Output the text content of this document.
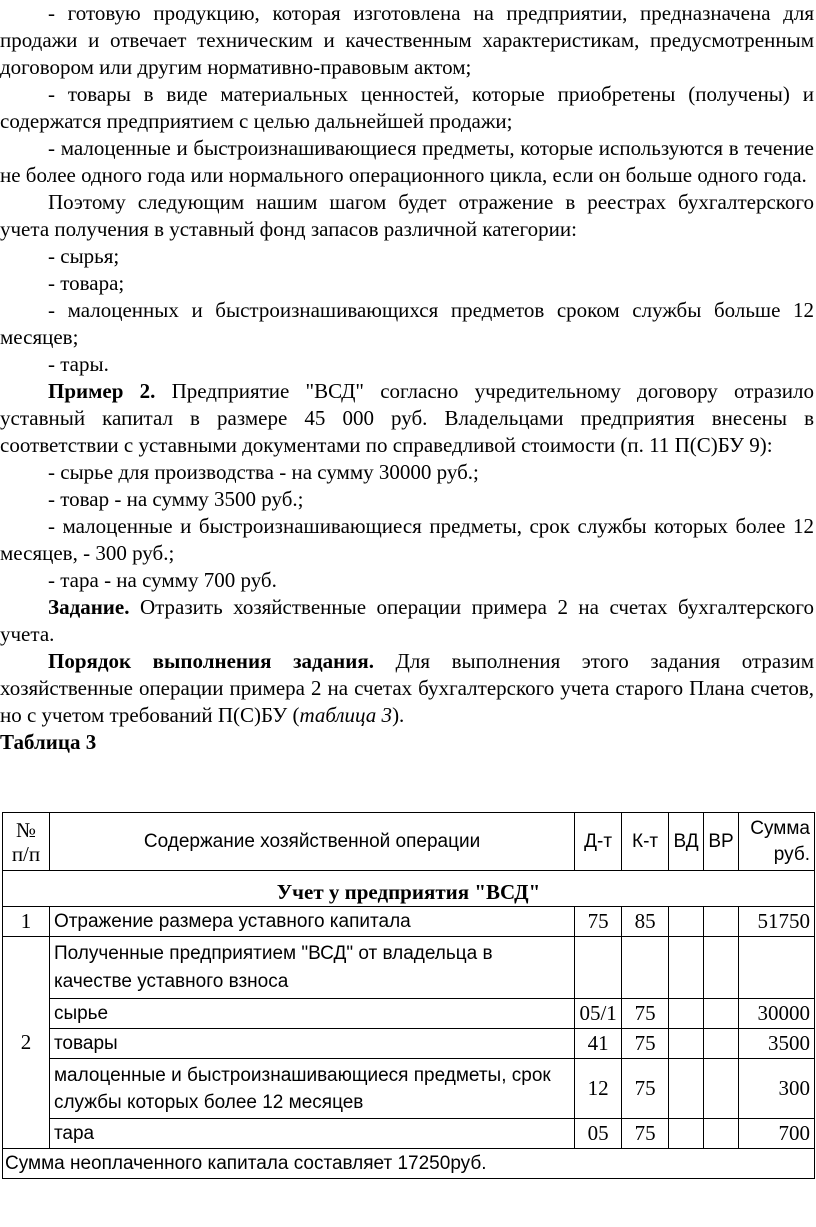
- готовую продукцию, которая изготовлена на предприятии, предназначена для продажи и отвечает техническим и качественным характеристикам, предусмотренным договором или другим нормативно-правовым актом;

- товары в виде материальных ценностей, которые приобретены (получены) и содержатся предприятием с целью дальнейшей продажи;

- малоценные и быстроизнашивающиеся предметы, которые используются в течение не более одного года или нормального операционного цикла, если он больше одного года.

Поэтому следующим нашим шагом будет отражение в реестрах бухгалтерского учета получения в уставный фонд запасов различной категории:

- сырья;

- товара;

- малоценных и быстроизнашивающихся предметов сроком службы больше 12 месяцев;

- тары.

Пример 2. Предприятие "ВСД" согласно учредительному договору отразило уставный капитал в размере 45 000 руб. Владельцами предприятия внесены в соответствии с уставными документами по справедливой стоимости (п. 11 П(С)БУ 9):

- сырье для производства - на сумму 30000 руб.;

- товар - на сумму 3500 руб.;

- малоценные и быстроизнашивающиеся предметы, срок службы которых более 12 месяцев, - 300 руб.;

- тара - на сумму 700 руб.

Задание. Отразить хозяйственные операции примера 2 на счетах бухгалтерского учета.

Порядок выполнения задания. Для выполнения этого задания отразим хозяйственные операции примера 2 на счетах бухгалтерского учета старого Плана счетов, но с учетом требований П(С)БУ (таблица 3).

Таблица 3

№ п/п	Содержание хозяйственной операции	Д-т	К-т	ВД	ВР	Сумма руб.

Учет у предприятия "ВСД"						
1	Отражение размера уставного капитала	75	85			51750
2	Полученные предприятием "ВСД" от владельца в качестве уставного взноса					
	сырье	05/1	75			30000
	товары	41	75			3500
	малоценные и быстроизнашивающиеся предметы, срок службы которых более 12 месяцев	12	75			300
	тара	05	75			700
Сумма неоплаченного капитала составляет 17250руб.						
